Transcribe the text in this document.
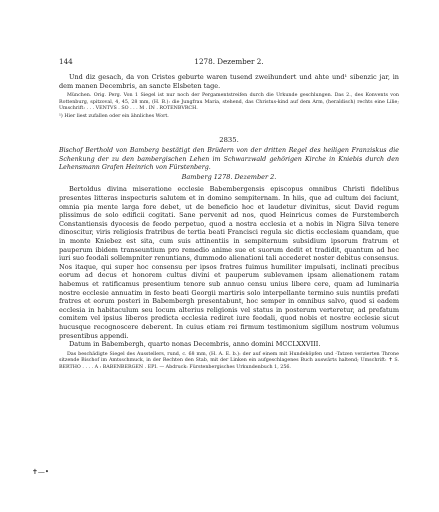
144	1278. Dezember 2.

Und diz gesach, da von Cristes geburte waren tusend zweihundert und ahte und¹ sibenzic jar, in dem manen Decembris, an sancte Elsbeten tage.

München. Orig. Perg. Von 1 Siegel ist nur noch der Pergamentstreifen durch die Urkunde geschlungen. Das 2., des Konvents von Rottenburg, spitzoval, 4, 45, 28 mm, (H. B.): die Jungfrau Maria, stehend, das Christus-kind auf dem Arm, (heraldisch) rechts eine Lilie; Umschrift: . . . VENTVS . SO . . . M . IN . ROTENBVRCH.

¹) Hier liest zufallen oder ein ähnliches Wort.
2835.

Bischof Berthold von Bamberg bestätigt den Brüdern von der dritten Regel des heiligen Franziskus die Schenkung der zu den bambergischen Lehen im Schwarzwald gehörigen Kirche in Kniebis durch den Lehensmann Grafen Heinrich von Fürstenberg.

Bamberg 1278. Dezember 2.

Bertoldus divina miseratione ecclesie Babembergensis episcopus omnibus Christi fidelibus presentes litteras inspecturis salutem et in domino sempiternam. In hiis, que ad cultum dei faciunt, omnia pia mente larga fore debet, ut de beneficio hoc et laudetur divinitus, sicut David regum plissimus de solo edificii cogitati. Sane pervenit ad nos, quod Heinricus comes de Furstemberch Constantiensis dyocesis de feodo perpetuo, quod a nostra ecclesia et a nobis in Nigra Silva tenere dinoscitur, viris religiosis fratribus de tertia beati Francisci regula sic dictis ecclesiam quandam, que in monte Kniebez est sita, cum suis attinentiis in sempiternum subsidium ipsorum fratrum et pauperum ibidem transeuntium pro remedio anime sue et suorum dedit et tradidit, quantum ad hec iuri suo feodali sollempniter renuntians, dummodo alienationi tali accederet noster debitus consensus. Nos itaque, qui super hoc consensu per ipsos fratres fuimus humiliter impulsati, inclinati precibus eorum ad decus et honorem cultus divini et pauperum sublevamen ipsam alienationem ratam habemus et ratificamus presentium tenore sub annuo censu unius libere cere, quam ad luminaria nostre ecclesie annuatim in festo beati Georgii martiris solo interpellante termino suis nuntiis prefati fratres et eorum posteri in Babembergh presentabunt, hoc semper in omnibus salvo, quod si eadem ecclesia in habitaculum seu locum alterius religionis vel status in posterum verteretur, ad prefatum comitem vel ipsius liberos predicta ecclesia rediret iure feodali, quod nobis et nostre ecclesie sicut hucusque recognoscere deberent. In cuius etiam rei firmum testimonium sigillum nostrum volumus presentibus appendi.

Datum in Babembergh, quarto nonas Decembris, anno domini MCCLXXVIII.

Das beschädigte Siegel des Ausstellers, rund, c. 68 mm, (H. A. E. b.): der auf einem mit Hundeköpfen und -Tatzen verzierten Throne sitzende Bischof im Amtsschmuck, in der Rechten den Stab, mit der Linken ein aufgeschlagenes Buch auswärts haltend; Umschrift: ✝ S. BERTHO . . . . A : BABENBERGEN . EPI. — Abdruck: Fürstenbergisches Urkundenbuch 1, 256.

✝—•
